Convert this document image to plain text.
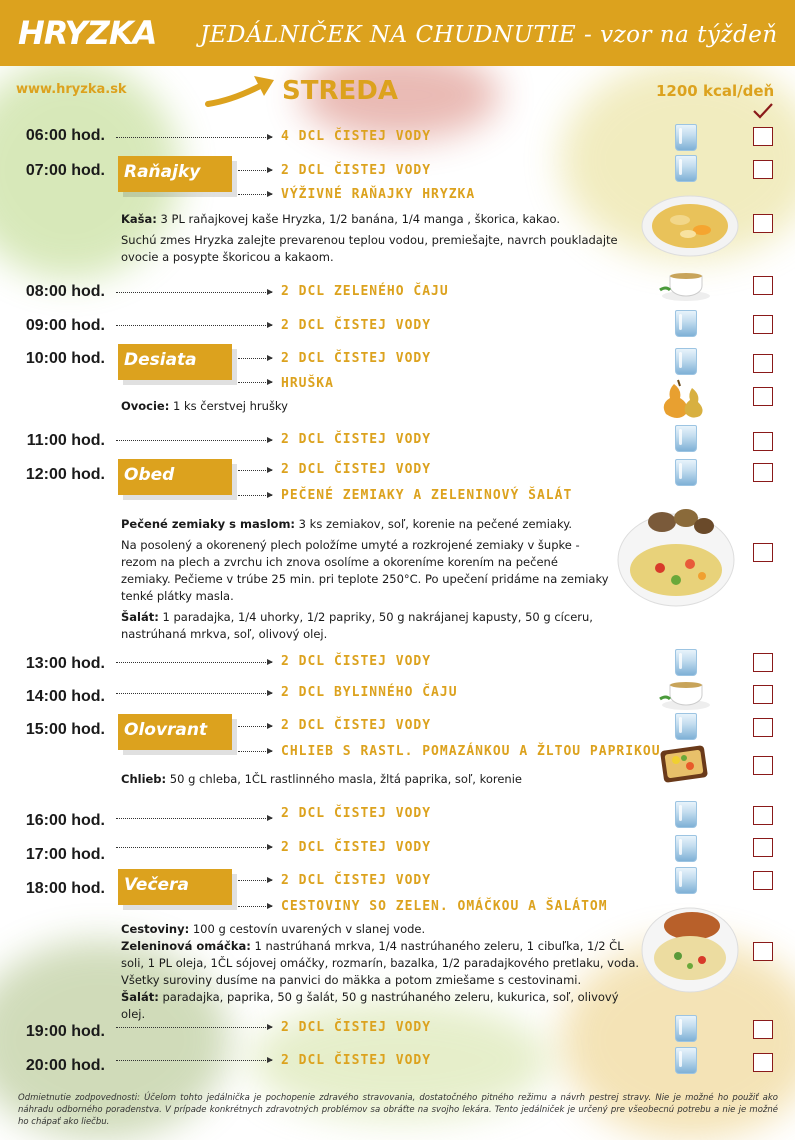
HRYZKA JEDÁLNIČEK NA CHUDNUTIE - vzor na týždeň
www.hryzka.sk	STREDA	1200 kcal/deň
06:00 hod.	4 DCL ČISTEJ VODY
07:00 hod. Raňajky	2 DCL ČISTEJ VODY
VÝŽIVNÉ RAŇAJKY HRYZKA
Kaša: 3 PL raňajkovej kaše Hryzka, 1/2 banána, 1/4 manga , škorica, kakao.

Suchú zmes Hryzka zalejte prevarenou teplou vodou, premiešajte, navrch poukladajte ovocie a posypte škoricou a kakaom.
08:00 hod.	2 DCL ZELENÉHO ČAJU
09:00 hod.	2 DCL ČISTEJ VODY
10:00 hod. Desiata	2 DCL ČISTEJ VODY
HRUŠKA
Ovocie: 1 ks čerstvej hrušky
11:00 hod.	2 DCL ČISTEJ VODY
12:00 hod. Obed	2 DCL ČISTEJ VODY
PEČENÉ ZEMIAKY A ZELENINOVÝ ŠALÁT
Pečené zemiaky s maslom: 3 ks zemiakov, soľ, korenie na pečené zemiaky.

Na posolený a okorenený plech položíme umyté a rozkrojené zemiaky v šupke - rezom na plech a zvrchu ich znova osolíme a okoreníme korením na pečené zemiaky. Pečieme v trúbe 25 min. pri teplote 250°C. Po upečení pridáme na zemiaky tenké plátky masla.
Šalát: 1 paradajka, 1/4 uhorky, 1/2 papriky, 50 g nakrájanej kapusty, 50 g cíceru, nastrúhaná mrkva, soľ, olivový olej.
13:00 hod.	2 DCL ČISTEJ VODY
14:00 hod.	2 DCL BYLINNÉHO ČAJU
15:00 hod. Olovrant	2 DCL ČISTEJ VODY
CHLIEB S RASTL. POMAZÁNKOU A ŽLTOU PAPRIKOU
Chlieb: 50 g chleba, 1ČL rastlinného masla, žltá paprika, soľ, korenie
16:00 hod.	2 DCL ČISTEJ VODY
17:00 hod.	2 DCL ČISTEJ VODY
18:00 hod. Večera	2 DCL ČISTEJ VODY
CESTOVINY SO ZELEN. OMÁČKOU A ŠALÁTOM
Cestoviny: 100 g cestovín uvarených v slanej vode.
Zeleninová omáčka: 1 nastrúhaná mrkva, 1/4 nastrúhaného zeleru, 1 cibuľka, 1/2 ČL soli, 1 PL oleja, 1ČL sójovej omáčky, rozmarín, bazalka, 1/2 paradajkového pretlaku, voda.
Všetky suroviny dusíme na panvici do mäkka a potom zmiešame s cestovinami.
Šalát: paradajka, paprika, 50 g šalát, 50 g nastrúhaného zeleru, kukurica, soľ, olivový olej.
19:00 hod.	2 DCL ČISTEJ VODY
20:00 hod.	2 DCL ČISTEJ VODY
Odmietnutie zodpovednosti: Účelom tohto jedálnička je pochopenie zdravého stravovania, dostatočného pitného režimu a návrh pestrej stravy. Nie je možné ho použiť ako náhradu odborného poradenstva. V prípade konkrétnych zdravotných problémov sa obráťte na svojho lekára. Tento jedálniček je určený pre všeobecnú potrebu a nie je možné ho chápať ako liečbu.
